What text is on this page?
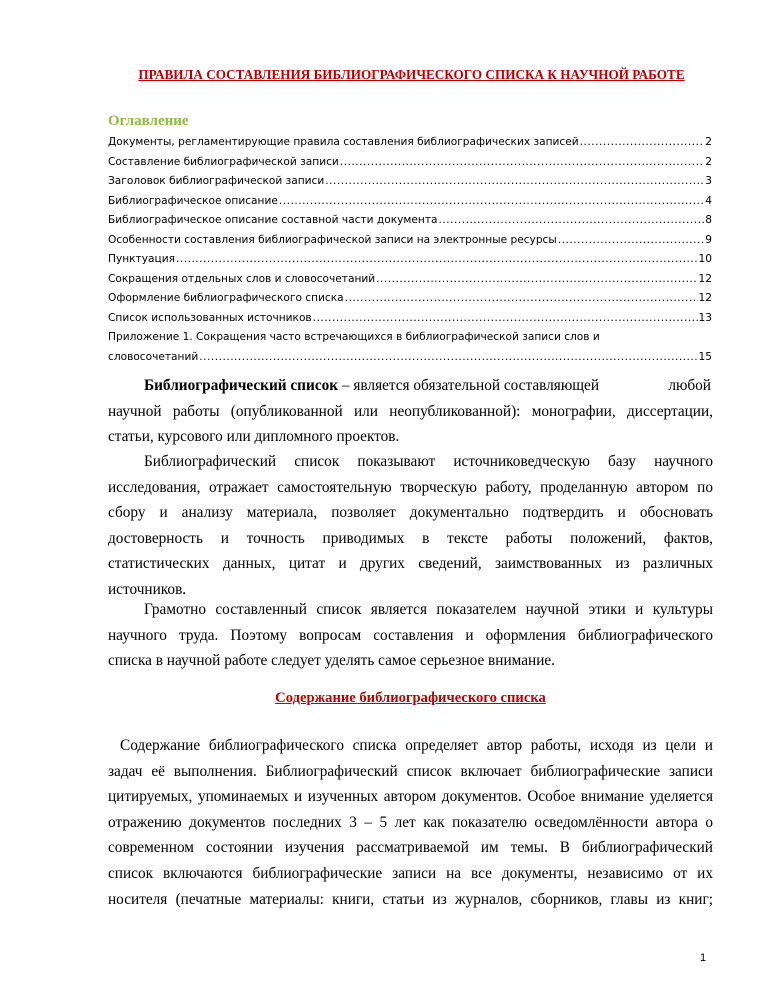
ПРАВИЛА СОСТАВЛЕНИЯ БИБЛИОГРАФИЧЕСКОГО СПИСКА К НАУЧНОЙ РАБОТЕ
Оглавление
Документы, регламентирующие правила составления библиографических записей .....	2
Составление библиографической записи .....	2
Заголовок библиографической записи .....	3
Библиографическое описание .....	4
Библиографическое описание составной части документа .....	8
Особенности составления библиографической записи на электронные ресурсы .....	9
Пунктуация .....	10
Сокращения отдельных слов и словосочетаний .....	12
Оформление библиографического списка .....	12
Список использованных источников .....	13
Приложение 1. Сокращения часто встречающихся в библиографической записи слов и
словосочетаний .....	15
Библиографический список – является обязательной составляющей	любой
научной работы (опубликованной или неопубликованной): монографии, диссертации,
статьи, курсового или дипломного проектов.
Библиографический список показывают источниковедческую базу научного
исследования, отражает самостоятельную творческую работу, проделанную автором по
сбору и анализу материала, позволяет документально подтвердить и обосновать
достоверность и точность приводимых в тексте работы положений, фактов,
статистических данных, цитат и других сведений, заимствованных из различных
источников.
Грамотно составленный список является показателем научной этики и культуры
научного труда. Поэтому вопросам составления и оформления библиографического
списка в научной работе следует уделять самое серьезное внимание.
Содержание библиографического списка
Содержание библиографического списка определяет автор работы, исходя из цели и
задач её выполнения. Библиографический список включает библиографические записи
цитируемых, упоминаемых и изученных автором документов. Особое внимание уделяется
отражению документов последних 3 – 5 лет как показателю осведомлённости автора о
современном состоянии изучения рассматриваемой им темы. В библиографический
список включаются библиографические записи на все документы, независимо от их
носителя (печатные материалы: книги, статьи из журналов, сборников, главы из книг;
1
